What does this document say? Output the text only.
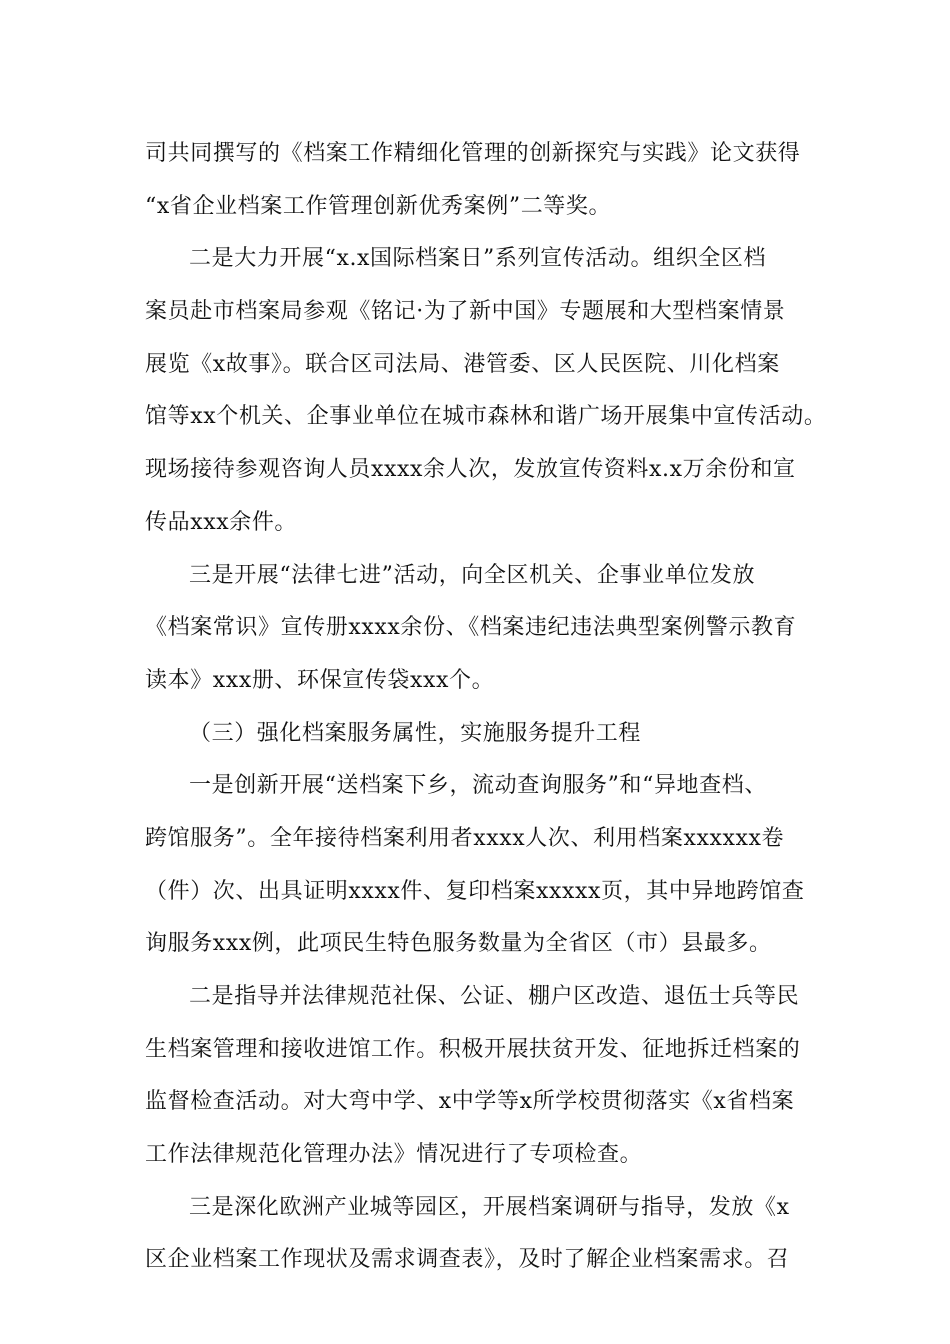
司共同撰写的《档案工作精细化管理的创新探究与实践》论文获得
“x省企业档案工作管理创新优秀案例”二等奖。
二是大力开展“x.x国际档案日”系列宣传活动。组织全区档
案员赴市档案局参观《铭记·为了新中国》专题展和大型档案情景
展览《x故事》。联合区司法局、港管委、区人民医院、川化档案
馆等xx个机关、企事业单位在城市森林和谐广场开展集中宣传活动。
现场接待参观咨询人员xxxx余人次，发放宣传资料x.x万余份和宣
传品xxx余件。
三是开展“法律七进”活动，向全区机关、企事业单位发放
《档案常识》宣传册xxxx余份、《档案违纪违法典型案例警示教育
读本》xxx册、环保宣传袋xxx个。
（三）强化档案服务属性，实施服务提升工程
一是创新开展“送档案下乡，流动查询服务”和“异地查档、
跨馆服务”。全年接待档案利用者xxxx人次、利用档案xxxxxx卷
（件）次、出具证明xxxx件、复印档案xxxxx页，其中异地跨馆查
询服务xxx例，此项民生特色服务数量为全省区（市）县最多。
二是指导并法律规范社保、公证、棚户区改造、退伍士兵等民
生档案管理和接收进馆工作。积极开展扶贫开发、征地拆迁档案的
监督检查活动。对大弯中学、x中学等x所学校贯彻落实《x省档案
工作法律规范化管理办法》情况进行了专项检查。
三是深化欧洲产业城等园区，开展档案调研与指导，发放《x
区企业档案工作现状及需求调查表》，及时了解企业档案需求。召
